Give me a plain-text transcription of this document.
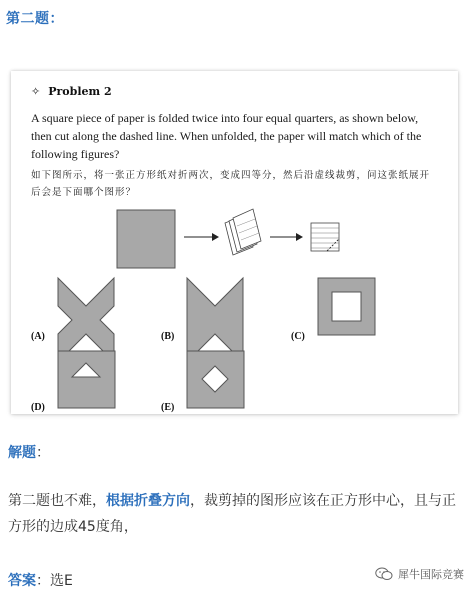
第二题：
✧ Problem 2
A square piece of paper is folded twice into four equal quarters, as shown below, then cut along the dashed line. When unfolded, the paper will match which of the following figures?
如下图所示，将一张正方形纸对折两次，变成四等分，然后沿虚线裁剪，问这张纸展开后会是下面哪个图形？
(A)	(B)	(C)
(D)	(E)
解题：
第二题也不难，根据折叠方向，裁剪掉的图形应该在正方形中心，且与正方形的边成45度角，
答案：选E	犀牛国际竞赛
